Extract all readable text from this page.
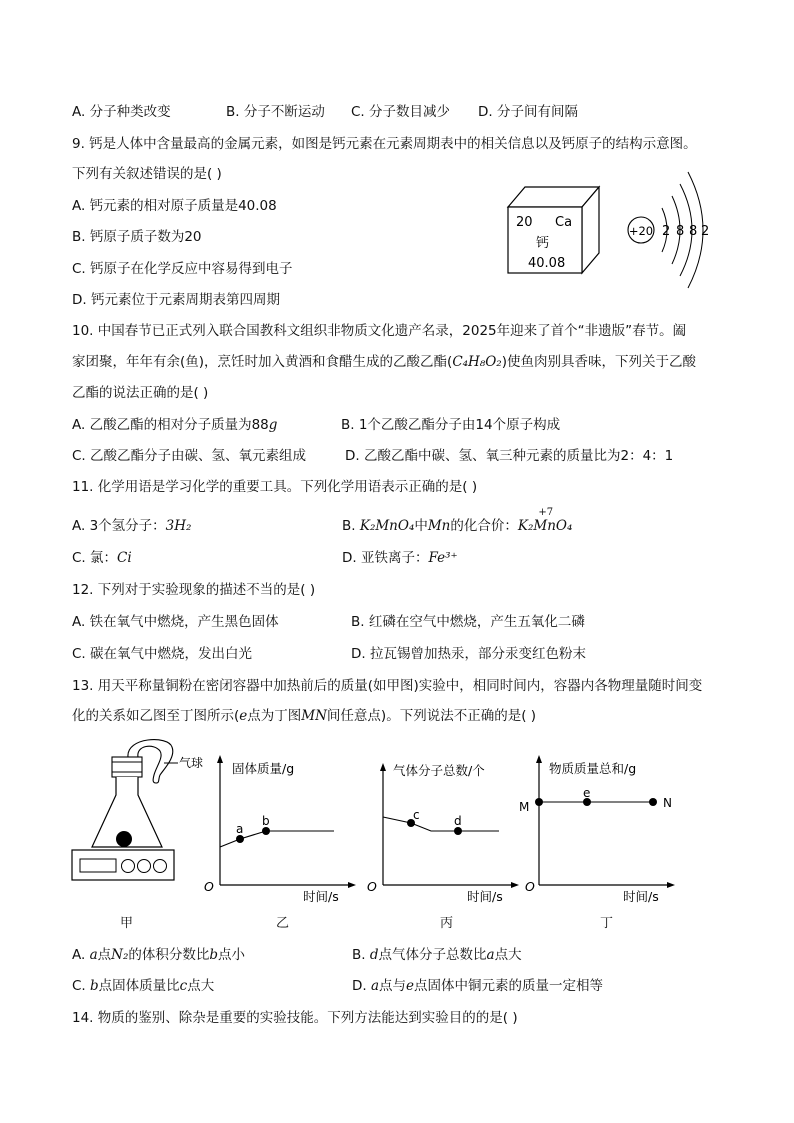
A. 分子种类改变	B. 分子不断运动 C. 分子数目减少 D. 分子间有间隔
9. 钙是人体中含量最高的金属元素，如图是钙元素在元素周期表中的相关信息以及钙原子的结构示意图。
下列有关叙述错误的是( )
A. 钙元素的相对原子质量是40.08
B. 钙原子质子数为20
C. 钙原子在化学反应中容易得到电子
D. 钙元素位于元素周期表第四周期
20 Ca
钙
40.08
+20 2 8 8 2
10. 中国春节已正式列入联合国教科文组织非物质文化遗产名录，2025年迎来了首个“非遗版”春节。阖
家团聚，年年有余(鱼)，烹饪时加入黄酒和食醋生成的乙酸乙酯(C₄H₈O₂)使鱼肉别具香味，下列关于乙酸
乙酯的说法正确的是( )
A. 乙酸乙酯的相对分子质量为88g	B. 1个乙酸乙酯分子由14个原子构成
C. 乙酸乙酯分子由碳、氢、氧元素组成	D. 乙酸乙酯中碳、氢、氧三种元素的质量比为2：4：1
11. 化学用语是学习化学的重要工具。下列化学用语表示正确的是( )
A. 3个氢分子：3H₂	B. K₂MnO₄中Mn的化合价：K₂
+7
MnO₄
C. 氯：Ci	D. 亚铁离子：Fe³⁺
12. 下列对于实验现象的描述不当的是( )
A. 铁在氧气中燃烧，产生黑色固体	B. 红磷在空气中燃烧，产生五氧化二磷
C. 碳在氧气中燃烧，发出白光	D. 拉瓦锡曾加热汞，部分汞变红色粉末
13. 用天平称量铜粉在密闭容器中加热前后的质量(如甲图)实验中，相同时间内，容器内各物理量随时间变
化的关系如乙图至丁图所示(e点为丁图MN间任意点)。下列说法不正确的是( )
气球 固体质量/g
时间/s
O
a
b
气体分子总数/个
时间/s
O
c	d
物质质量总和/g
时间/s
O
M
e
N
甲	乙	丙	丁
A. a点N₂的体积分数比b点小	B. d点气体分子总数比a点大
C. b点固体质量比c点大	D. a点与e点固体中铜元素的质量一定相等
14. 物质的鉴别、除杂是重要的实验技能。下列方法能达到实验目的的是( )
